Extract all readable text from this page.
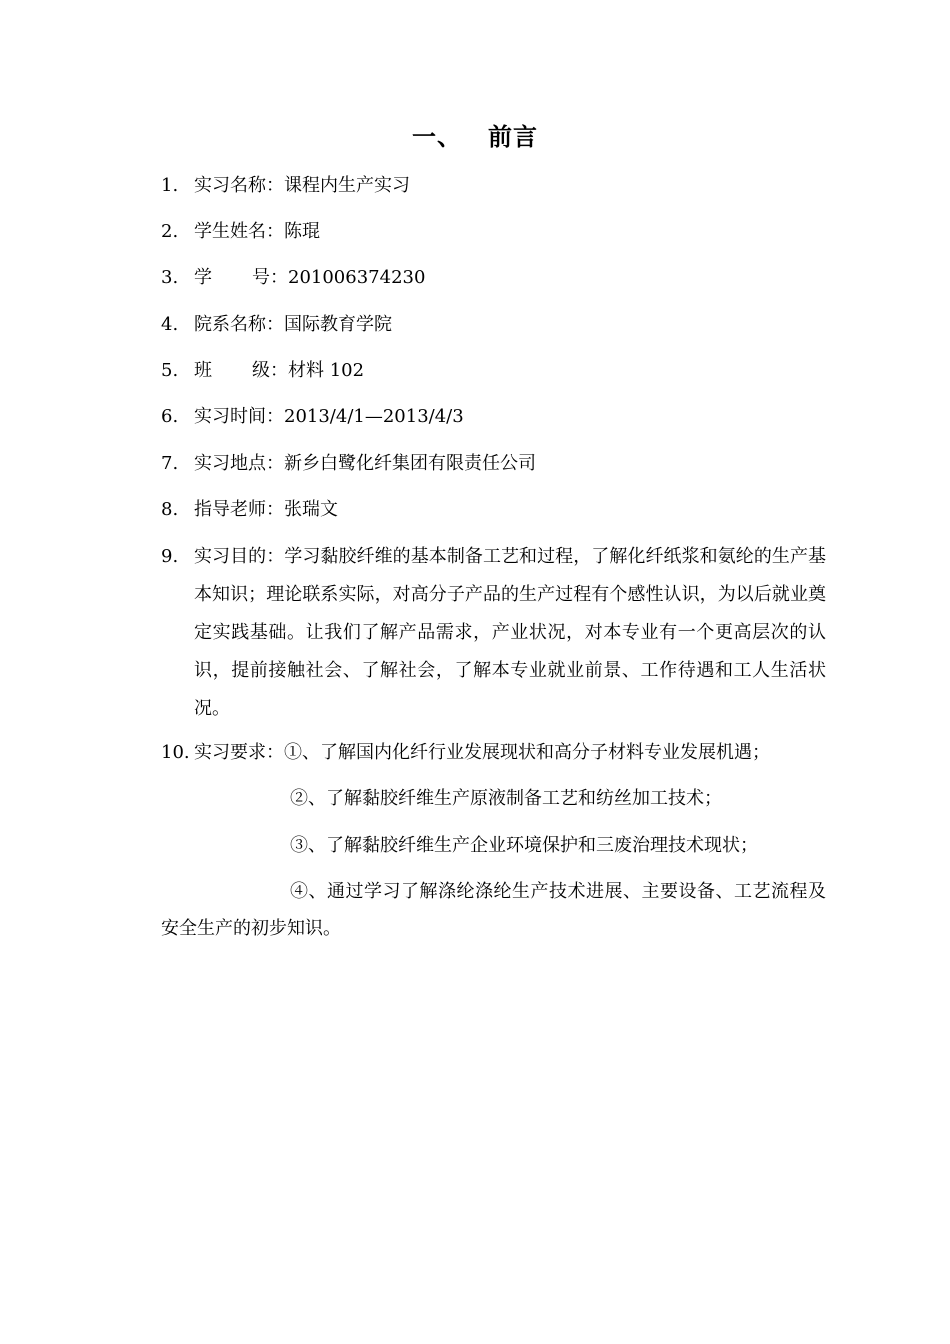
一、 前言
1. 实习名称：课程内生产实习
2. 学生姓名：陈琨
3. 学 号：201006374230
4. 院系名称：国际教育学院
5. 班 级：材料 102
6. 实习时间：2013/4/1—2013/4/3
7. 实习地点：新乡白鹭化纤集团有限责任公司
8. 指导老师：张瑞文
9. 实习目的：学习黏胶纤维的基本制备工艺和过程，了解化纤纸浆和氨纶的生产基本知识；理论联系实际，对高分子产品的生产过程有个感性认识，为以后就业奠定实践基础。让我们了解产品需求，产业状况，对本专业有一个更高层次的认识，提前接触社会、了解社会，了解本专业就业前景、工作待遇和工人生活状况。
10. 实习要求：①、了解国内化纤行业发展现状和高分子材料专业发展机遇；
②、了解黏胶纤维生产原液制备工艺和纺丝加工技术；
③、了解黏胶纤维生产企业环境保护和三废治理技术现状；
④、通过学习了解涤纶涤纶生产技术进展、主要设备、工艺流程及安全生产的初步知识。
